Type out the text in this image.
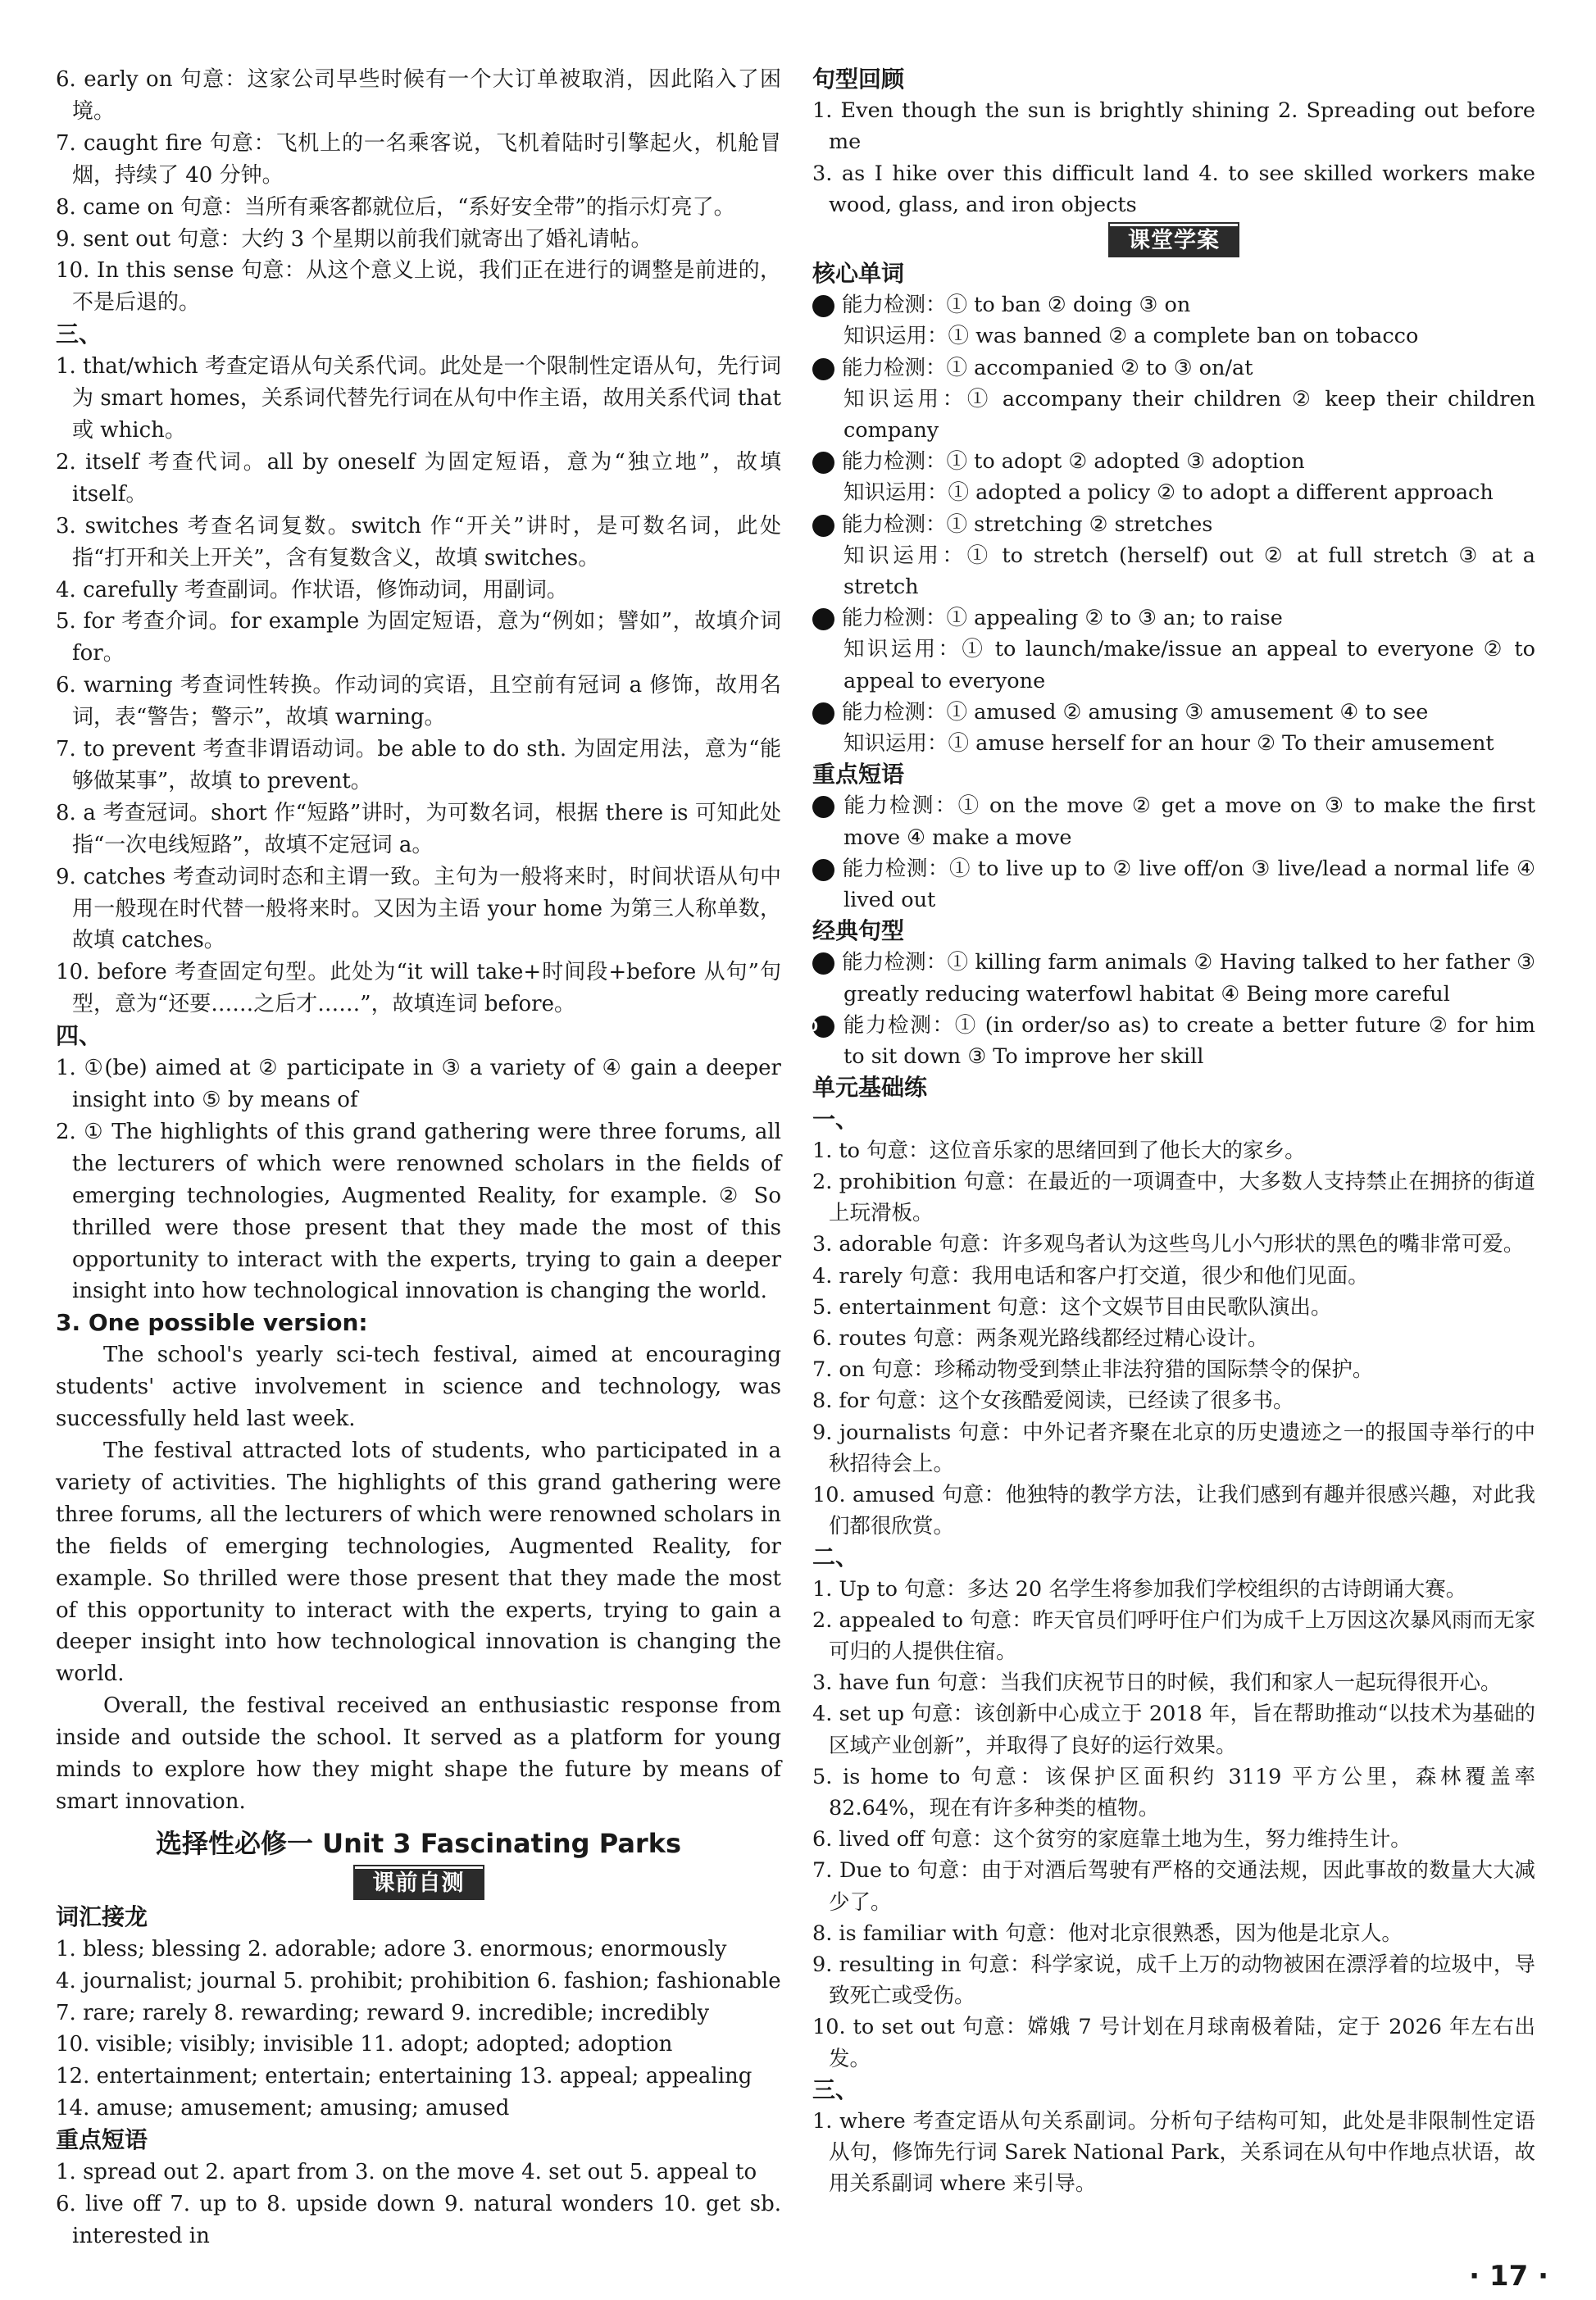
6. early on 句意：这家公司早些时候有一个大订单被取消，因此陷入了困境。

7. caught fire 句意：飞机上的一名乘客说，飞机着陆时引擎起火，机舱冒烟，持续了 40 分钟。

8. came on 句意：当所有乘客都就位后，“系好安全带”的指示灯亮了。

9. sent out 句意：大约 3 个星期以前我们就寄出了婚礼请帖。

10. In this sense 句意：从这个意义上说，我们正在进行的调整是前进的，不是后退的。

三、

1. that/which 考查定语从句关系代词。此处是一个限制性定语从句，先行词为 smart homes，关系词代替先行词在从句中作主语，故用关系代词 that 或 which。

2. itself 考查代词。all by oneself 为固定短语，意为“独立地”，故填 itself。

3. switches 考查名词复数。switch 作“开关”讲时，是可数名词，此处指“打开和关上开关”，含有复数含义，故填 switches。

4. carefully 考查副词。作状语，修饰动词，用副词。

5. for 考查介词。for example 为固定短语，意为“例如；譬如”，故填介词 for。

6. warning 考查词性转换。作动词的宾语，且空前有冠词 a 修饰，故用名词，表“警告；警示”，故填 warning。

7. to prevent 考查非谓语动词。be able to do sth. 为固定用法，意为“能够做某事”，故填 to prevent。

8. a 考查冠词。short 作“短路”讲时，为可数名词，根据 there is 可知此处指“一次电线短路”，故填不定冠词 a。

9. catches 考查动词时态和主谓一致。主句为一般将来时，时间状语从句中用一般现在时代替一般将来时。又因为主语 your home 为第三人称单数，故填 catches。

10. before 考查固定句型。此处为“it will take+时间段+before 从句”句型，意为“还要……之后才……”，故填连词 before。

四、

1. ①(be) aimed at ② participate in ③ a variety of ④ gain a deeper insight into ⑤ by means of

2. ① The highlights of this grand gathering were three forums, all the lecturers of which were renowned scholars in the fields of emerging technologies, Augmented Reality, for example. ② So thrilled were those present that they made the most of this opportunity to interact with the experts, trying to gain a deeper insight into how technological innovation is changing the world.

3. One possible version:

The school's yearly sci-tech festival, aimed at encouraging students' active involvement in science and technology, was successfully held last week.

The festival attracted lots of students, who participated in a variety of activities. The highlights of this grand gathering were three forums, all the lecturers of which were renowned scholars in the fields of emerging technologies, Augmented Reality, for example. So thrilled were those present that they made the most of this opportunity to interact with the experts, trying to gain a deeper insight into how technological innovation is changing the world.

Overall, the festival received an enthusiastic response from inside and outside the school. It served as a platform for young minds to explore how they might shape the future by means of smart innovation.

选择性必修一 Unit 3 Fascinating Parks
课前自测

词汇接龙

1. bless; blessing 2. adorable; adore 3. enormous; enormously

4. journalist; journal 5. prohibit; prohibition 6. fashion; fashionable

7. rare; rarely 8. rewarding; reward 9. incredible; incredibly

10. visible; visibly; invisible 11. adopt; adopted; adoption

12. entertainment; entertain; entertaining 13. appeal; appealing

14. amuse; amusement; amusing; amused

重点短语

1. spread out 2. apart from 3. on the move 4. set out 5. appeal to

6. live off 7. up to 8. upside down 9. natural wonders 10. get sb. interested in

句型回顾

1. Even though the sun is brightly shining 2. Spreading out before me

3. as I hike over this difficult land 4. to see skilled workers make wood, glass, and iron objects

课堂学案

核心单词

1 能力检测：① to ban ② doing ③ on

知识运用：① was banned ② a complete ban on tobacco

2 能力检测：① accompanied ② to ③ on/at

知识运用：① accompany their children ② keep their children company

3 能力检测：① to adopt ② adopted ③ adoption

知识运用：① adopted a policy ② to adopt a different approach

4 能力检测：① stretching ② stretches

知识运用：① to stretch (herself) out ② at full stretch ③ at a stretch

5 能力检测：① appealing ② to ③ an; to raise

知识运用：① to launch/make/issue an appeal to everyone ② to appeal to everyone

6 能力检测：① amused ② amusing ③ amusement ④ to see

知识运用：① amuse herself for an hour ② To their amusement

重点短语

7 能力检测：① on the move ② get a move on ③ to make the first move ④ make a move

8 能力检测：① to live up to ② live off/on ③ live/lead a normal life ④ lived out

经典句型

9 能力检测：① killing farm animals ② Having talked to her father ③ greatly reducing waterfowl habitat ④ Being more careful

10 能力检测：① (in order/so as) to create a better future ② for him to sit down ③ To improve her skill

单元基础练

一、

1. to 句意：这位音乐家的思绪回到了他长大的家乡。

2. prohibition 句意：在最近的一项调查中，大多数人支持禁止在拥挤的街道上玩滑板。

3. adorable 句意：许多观鸟者认为这些鸟儿小勺形状的黑色的嘴非常可爱。

4. rarely 句意：我用电话和客户打交道，很少和他们见面。

5. entertainment 句意：这个文娱节目由民歌队演出。

6. routes 句意：两条观光路线都经过精心设计。

7. on 句意：珍稀动物受到禁止非法狩猎的国际禁令的保护。

8. for 句意：这个女孩酷爱阅读，已经读了很多书。

9. journalists 句意：中外记者齐聚在北京的历史遗迹之一的报国寺举行的中秋招待会上。

10. amused 句意：他独特的教学方法，让我们感到有趣并很感兴趣，对此我们都很欣赏。

二、

1. Up to 句意：多达 20 名学生将参加我们学校组织的古诗朗诵大赛。

2. appealed to 句意：昨天官员们呼吁住户们为成千上万因这次暴风雨而无家可归的人提供住宿。

3. have fun 句意：当我们庆祝节日的时候，我们和家人一起玩得很开心。

4. set up 句意：该创新中心成立于 2018 年，旨在帮助推动“以技术为基础的区域产业创新”，并取得了良好的运行效果。

5. is home to 句意：该保护区面积约 3119 平方公里，森林覆盖率 82.64%，现在有许多种类的植物。

6. lived off 句意：这个贫穷的家庭靠土地为生，努力维持生计。

7. Due to 句意：由于对酒后驾驶有严格的交通法规，因此事故的数量大大减少了。

8. is familiar with 句意：他对北京很熟悉，因为他是北京人。

9. resulting in 句意：科学家说，成千上万的动物被困在漂浮着的垃圾中，导致死亡或受伤。

10. to set out 句意：嫦娥 7 号计划在月球南极着陆，定于 2026 年左右出发。

三、

1. where 考查定语从句关系副词。分析句子结构可知，此处是非限制性定语从句，修饰先行词 Sarek National Park，关系词在从句中作地点状语，故用关系副词 where 来引导。

· 17 ·
